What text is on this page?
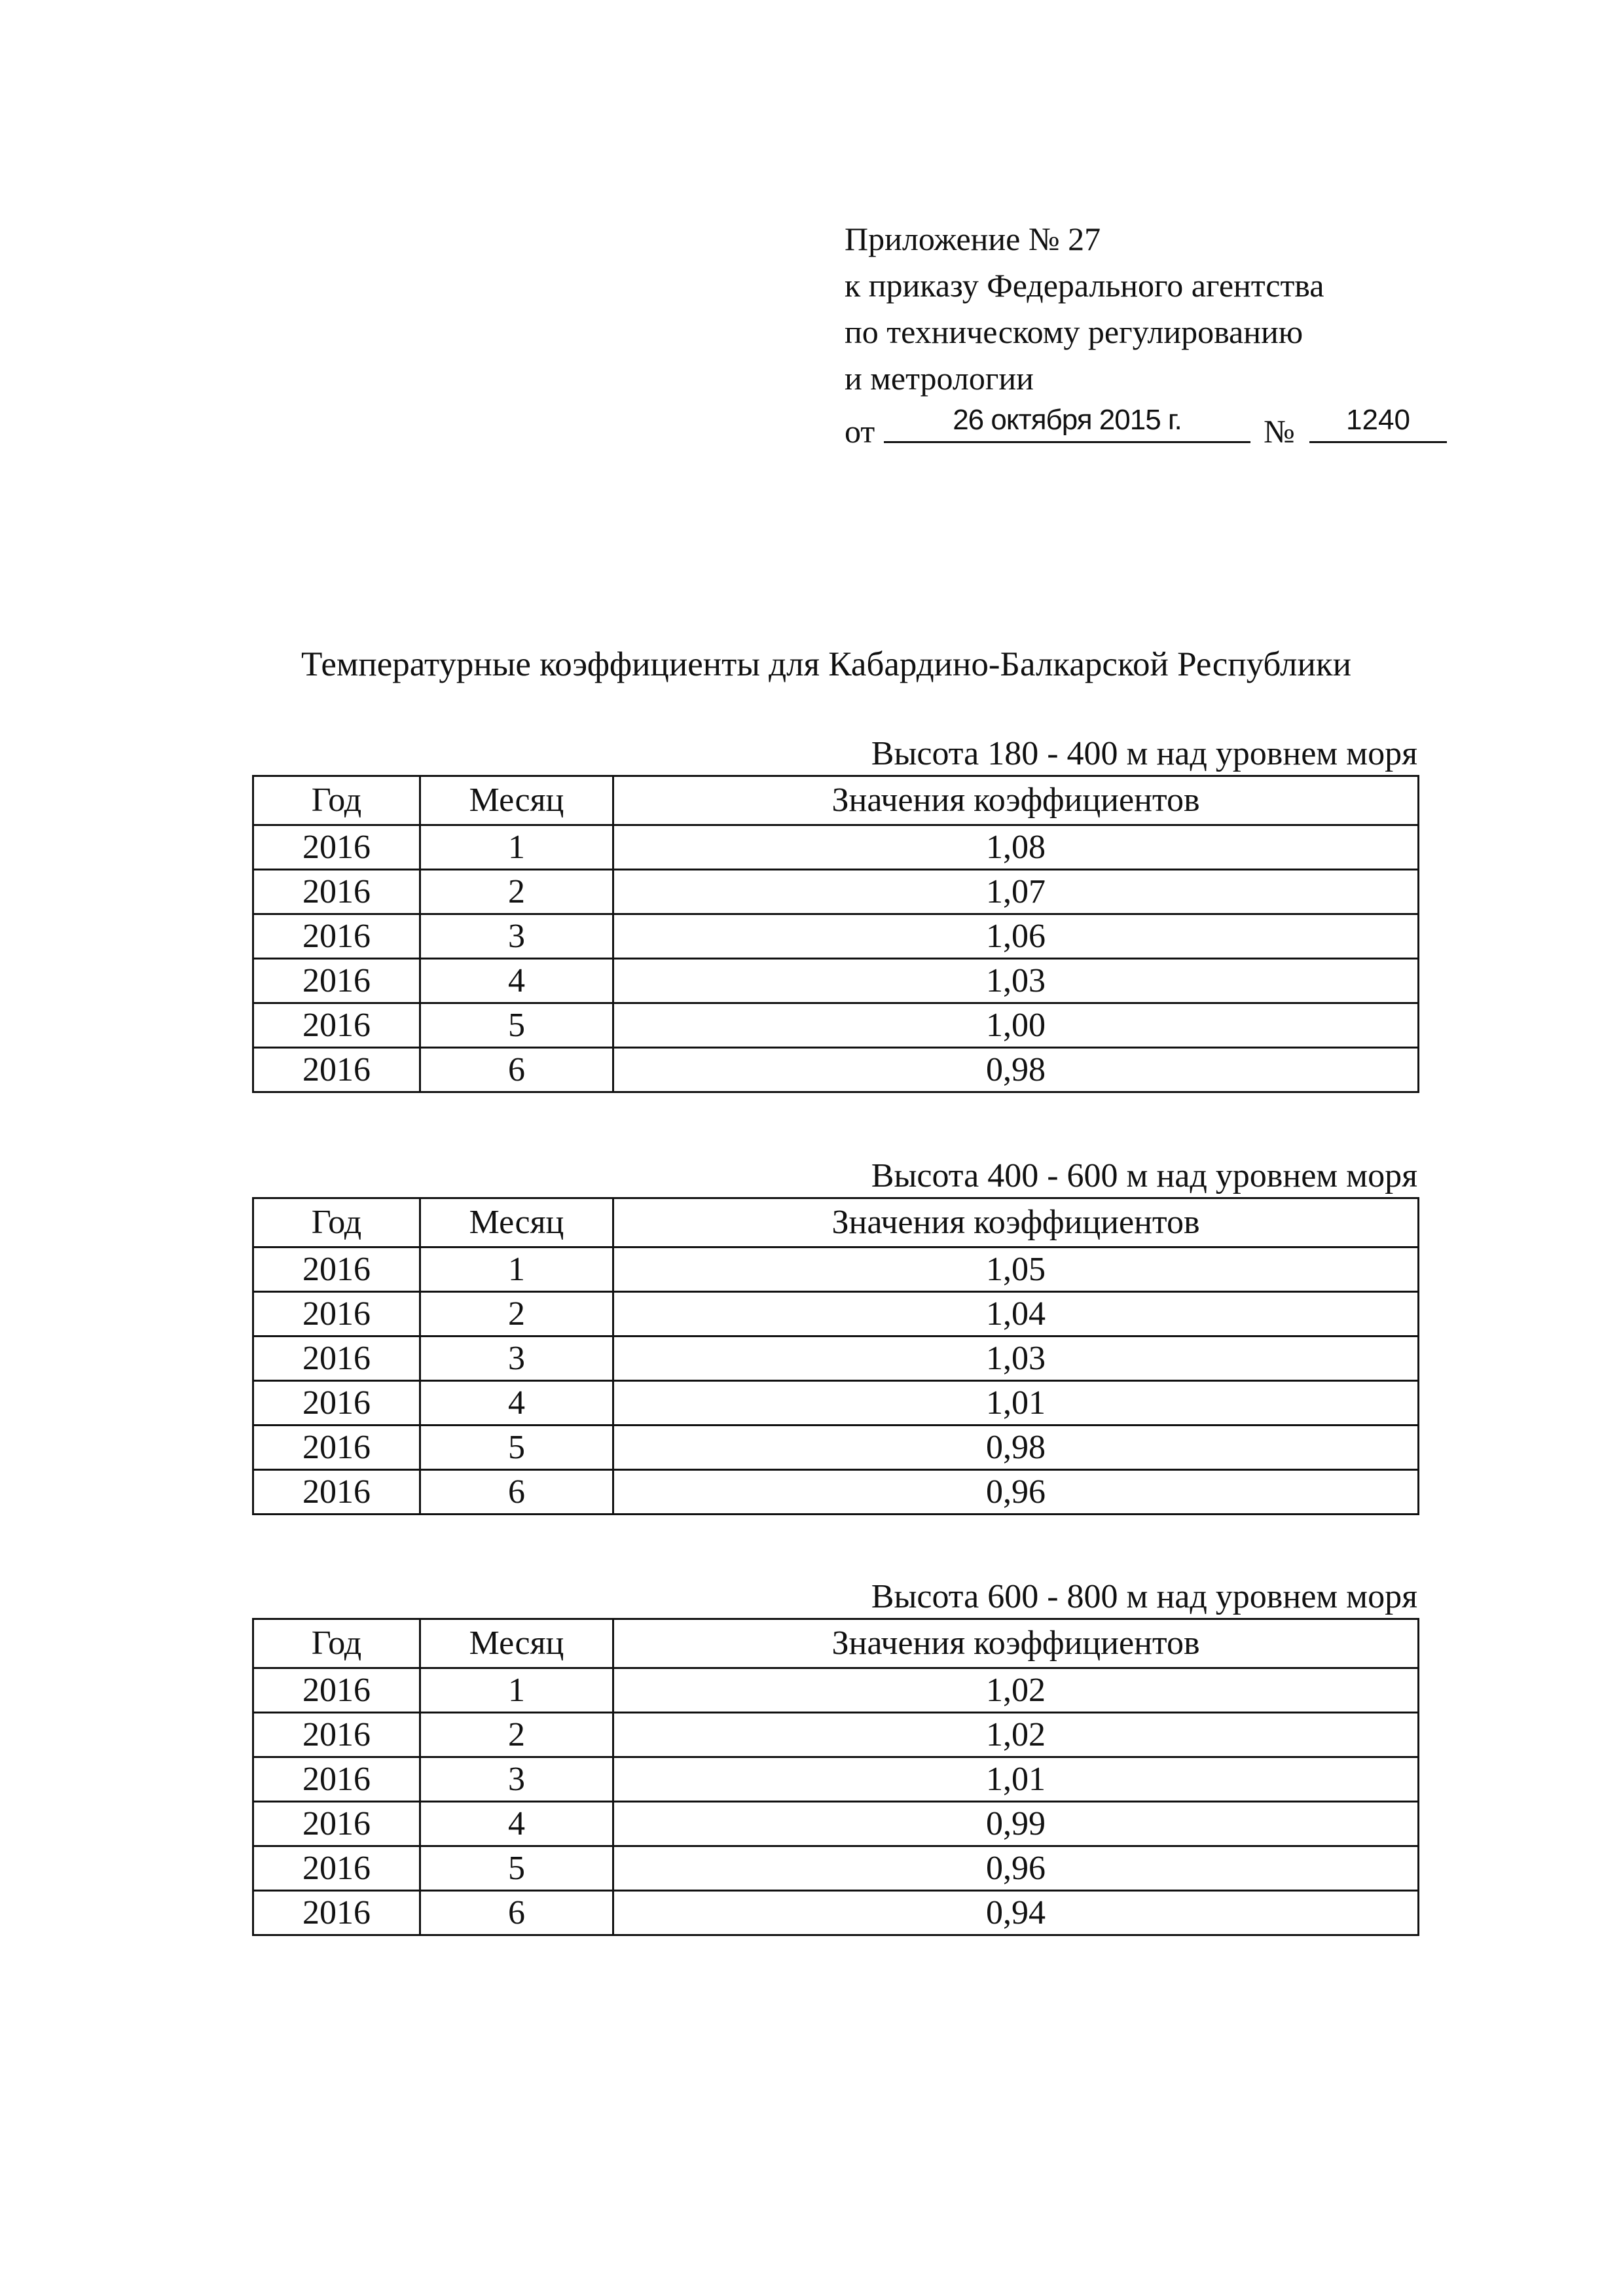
Приложение № 27
к приказу Федерального агентства
по техническому регулированию
и метрологии
от	26 октября 2015 г.	№	1240
Температурные коэффициенты для Кабардино-Балкарской Республики
Высота 180 - 400 м над уровнем моря
Год	Месяц	Значения коэффициентов
2016	1	1,08
2016	2	1,07
2016	3	1,06
2016	4	1,03
2016	5	1,00
2016	6	0,98
Высота 400 - 600 м над уровнем моря
Год	Месяц	Значения коэффициентов
2016	1	1,05
2016	2	1,04
2016	3	1,03
2016	4	1,01
2016	5	0,98
2016	6	0,96
Высота 600 - 800 м над уровнем моря
Год	Месяц	Значения коэффициентов
2016	1	1,02
2016	2	1,02
2016	3	1,01
2016	4	0,99
2016	5	0,96
2016	6	0,94
